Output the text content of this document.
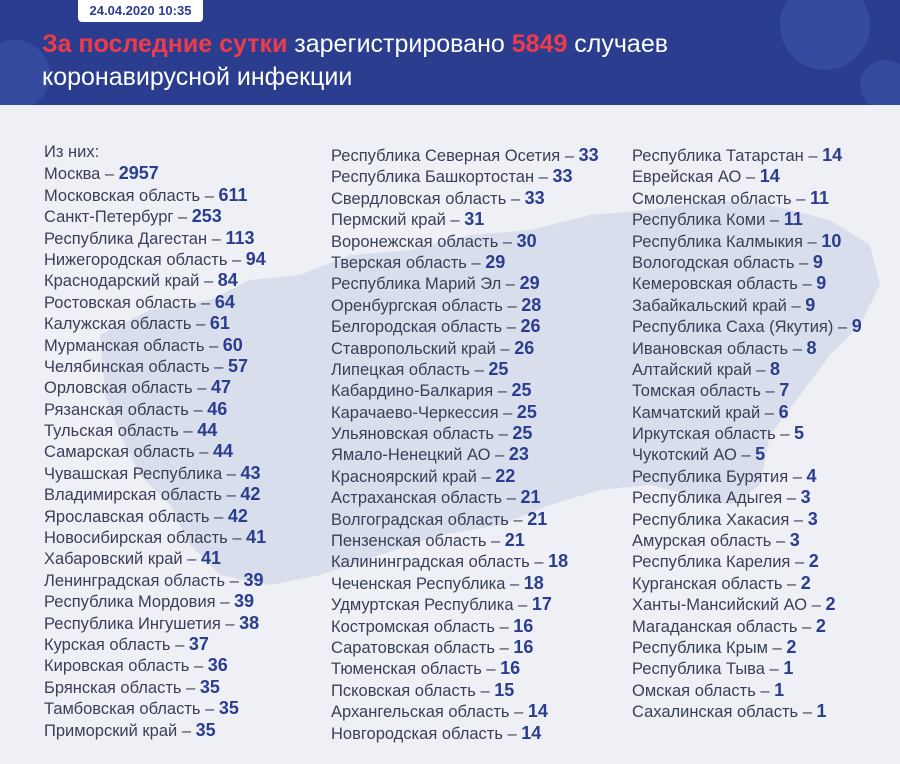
24.04.2020 10:35
За последние сутки зарегистрировано 5849 случаев коронавирусной инфекции
Из них:
Москва – 2957
Московская область – 611
Санкт-Петербург – 253
Республика Дагестан – 113
Нижегородская область – 94
Краснодарский край – 84
Ростовская область – 64
Калужская область – 61
Мурманская область – 60
Челябинская область – 57
Орловская область – 47
Рязанская область – 46
Тульская область – 44
Самарская область – 44
Чувашская Республика – 43
Владимирская область – 42
Ярославская область – 42
Новосибирская область – 41
Хабаровский край – 41
Ленинградская область – 39
Республика Мордовия – 39
Республика Ингушетия – 38
Курская область – 37
Кировская область – 36
Брянская область – 35
Тамбовская область – 35
Приморский край – 35
Республика Северная Осетия – 33
Республика Башкортостан – 33
Свердловская область – 33
Пермский край – 31
Воронежская область – 30
Тверская область – 29
Республика Марий Эл – 29
Оренбургская область – 28
Белгородская область – 26
Ставропольский край – 26
Липецкая область – 25
Кабардино-Балкария – 25
Карачаево-Черкессия – 25
Ульяновская область – 25
Ямало-Ненецкий АО – 23
Красноярский край – 22
Астраханская область – 21
Волгоградская область – 21
Пензенская область – 21
Калининградская область – 18
Чеченская Республика – 18
Удмуртская Республика – 17
Костромская область – 16
Саратовская область – 16
Тюменская область – 16
Псковская область – 15
Архангельская область – 14
Новгородская область – 14
Республика Татарстан – 14
Еврейская АО – 14
Смоленская область – 11
Республика Коми – 11
Республика Калмыкия – 10
Вологодская область – 9
Кемеровская область – 9
Забайкальский край – 9
Республика Саха (Якутия) – 9
Ивановская область – 8
Алтайский край – 8
Томская область – 7
Камчатский край – 6
Иркутская область – 5
Чукотский АО – 5
Республика Бурятия – 4
Республика Адыгея – 3
Республика Хакасия – 3
Амурская область – 3
Республика Карелия – 2
Курганская область – 2
Ханты-Мансийский АО – 2
Магаданская область – 2
Республика Крым – 2
Республика Тыва – 1
Омская область – 1
Сахалинская область – 1
